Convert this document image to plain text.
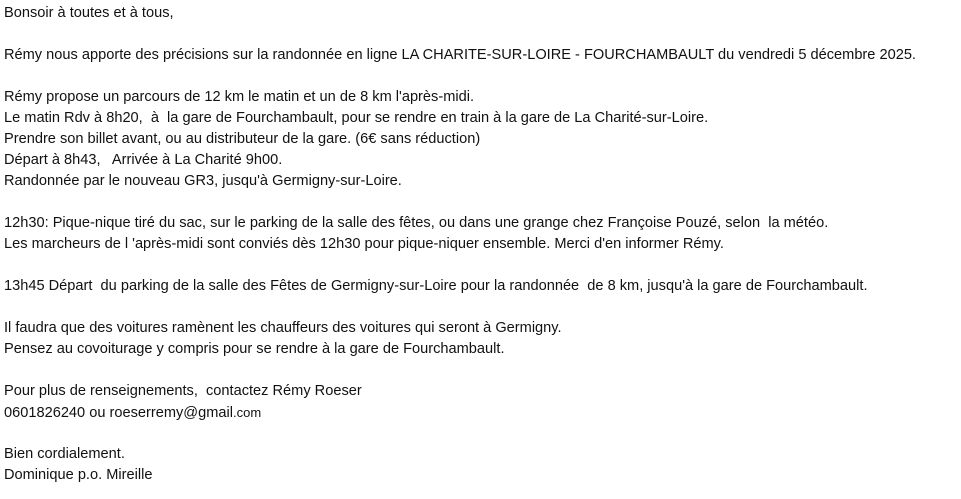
Bonsoir à toutes et à tous,
Rémy nous apporte des précisions sur la randonnée en ligne LA CHARITE-SUR-LOIRE - FOURCHAMBAULT du vendredi 5 décembre 2025.
Rémy propose un parcours de 12 km le matin et un de 8 km l'après-midi.
Le matin Rdv à 8h20,  à  la gare de Fourchambault, pour se rendre en train à la gare de La Charité-sur-Loire.
Prendre son billet avant, ou au distributeur de la gare. (6€ sans réduction)
Départ à 8h43,   Arrivée à La Charité 9h00.
Randonnée par le nouveau GR3, jusqu'à Germigny-sur-Loire.
12h30: Pique-nique tiré du sac, sur le parking de la salle des fêtes, ou dans une grange chez Françoise Pouzé, selon  la météo.
Les marcheurs de l 'après-midi sont conviés dès 12h30 pour pique-niquer ensemble. Merci d'en informer Rémy.
13h45 Départ  du parking de la salle des Fêtes de Germigny-sur-Loire pour la randonnée  de 8 km, jusqu'à la gare de Fourchambault.
Il faudra que des voitures ramènent les chauffeurs des voitures qui seront à Germigny.
Pensez au covoiturage y compris pour se rendre à la gare de Fourchambault.
Pour plus de renseignements,  contactez Rémy Roeser
0601826240 ou roeserremy@gmail.com
Bien cordialement.
Dominique p.o. Mireille
